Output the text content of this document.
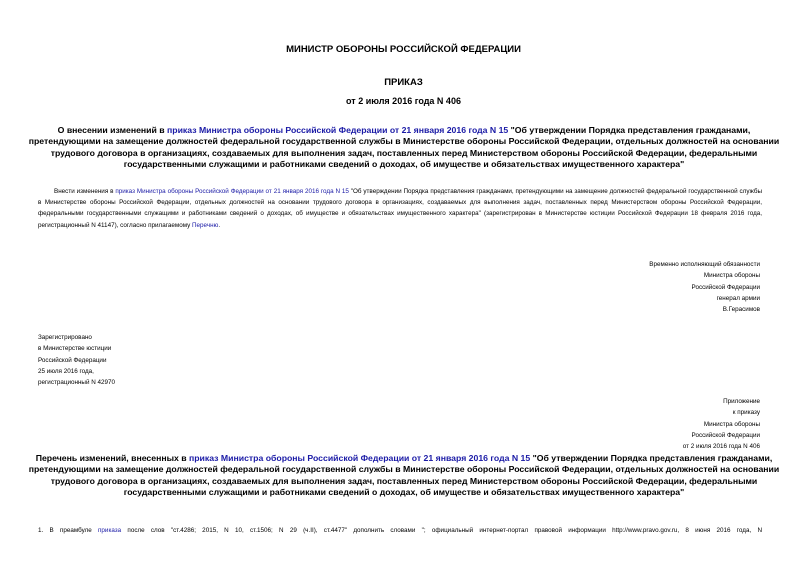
МИНИСТР ОБОРОНЫ РОССИЙСКОЙ ФЕДЕРАЦИИ
ПРИКАЗ
от 2 июля 2016 года N 406
О внесении изменений в приказ Министра обороны Российской Федерации от 21 января 2016 года N 15 "Об утверждении Порядка представления гражданами, претендующими на замещение должностей федеральной государственной службы в Министерстве обороны Российской Федерации, отдельных должностей на основании трудового договора в организациях, создаваемых для выполнения задач, поставленных перед Министерством обороны Российской Федерации, федеральными государственными служащими и работниками сведений о доходах, об имуществе и обязательствах имущественного характера"
Внести изменения в приказ Министра обороны Российской Федерации от 21 января 2016 года N 15 "Об утверждении Порядка представления гражданами, претендующими на замещение должностей федеральной государственной службы в Министерстве обороны Российской Федерации, отдельных должностей на основании трудового договора в организациях, создаваемых для выполнения задач, поставленных перед Министерством обороны Российской Федерации, федеральными государственными служащими и работниками сведений о доходах, об имуществе и обязательствах имущественного характера" (зарегистрирован в Министерстве юстиции Российской Федерации 18 февраля 2016 года, регистрационный N 41147), согласно прилагаемому Перечню.
Временно исполняющий обязанности
Министра обороны
Российской Федерации
генерал армии
В.Герасимов
Зарегистрировано
в Министерстве юстиции
Российской Федерации
25 июля 2016 года,
регистрационный N 42970
Приложение
к приказу
Министра обороны
Российской Федерации
от 2 июля 2016 года N 406
Перечень изменений, внесенных в приказ Министра обороны Российской Федерации от 21 января 2016 года N 15 "Об утверждении Порядка представления гражданами, претендующими на замещение должностей федеральной государственной службы в Министерстве обороны Российской Федерации, отдельных должностей на основании трудового договора в организациях, создаваемых для выполнения задач, поставленных перед Министерством обороны Российской Федерации, федеральными государственными служащими и работниками сведений о доходах, об имуществе и обязательствах имущественного характера"
1. В преамбуле приказа после слов "ст.4286; 2015, N 10, ст.1506; N 29 (ч.II), ст.4477" дополнить словами "; официальный интернет-портал правовой информации http://www.pravo.gov.ru, 8 июня 2016 года, N
